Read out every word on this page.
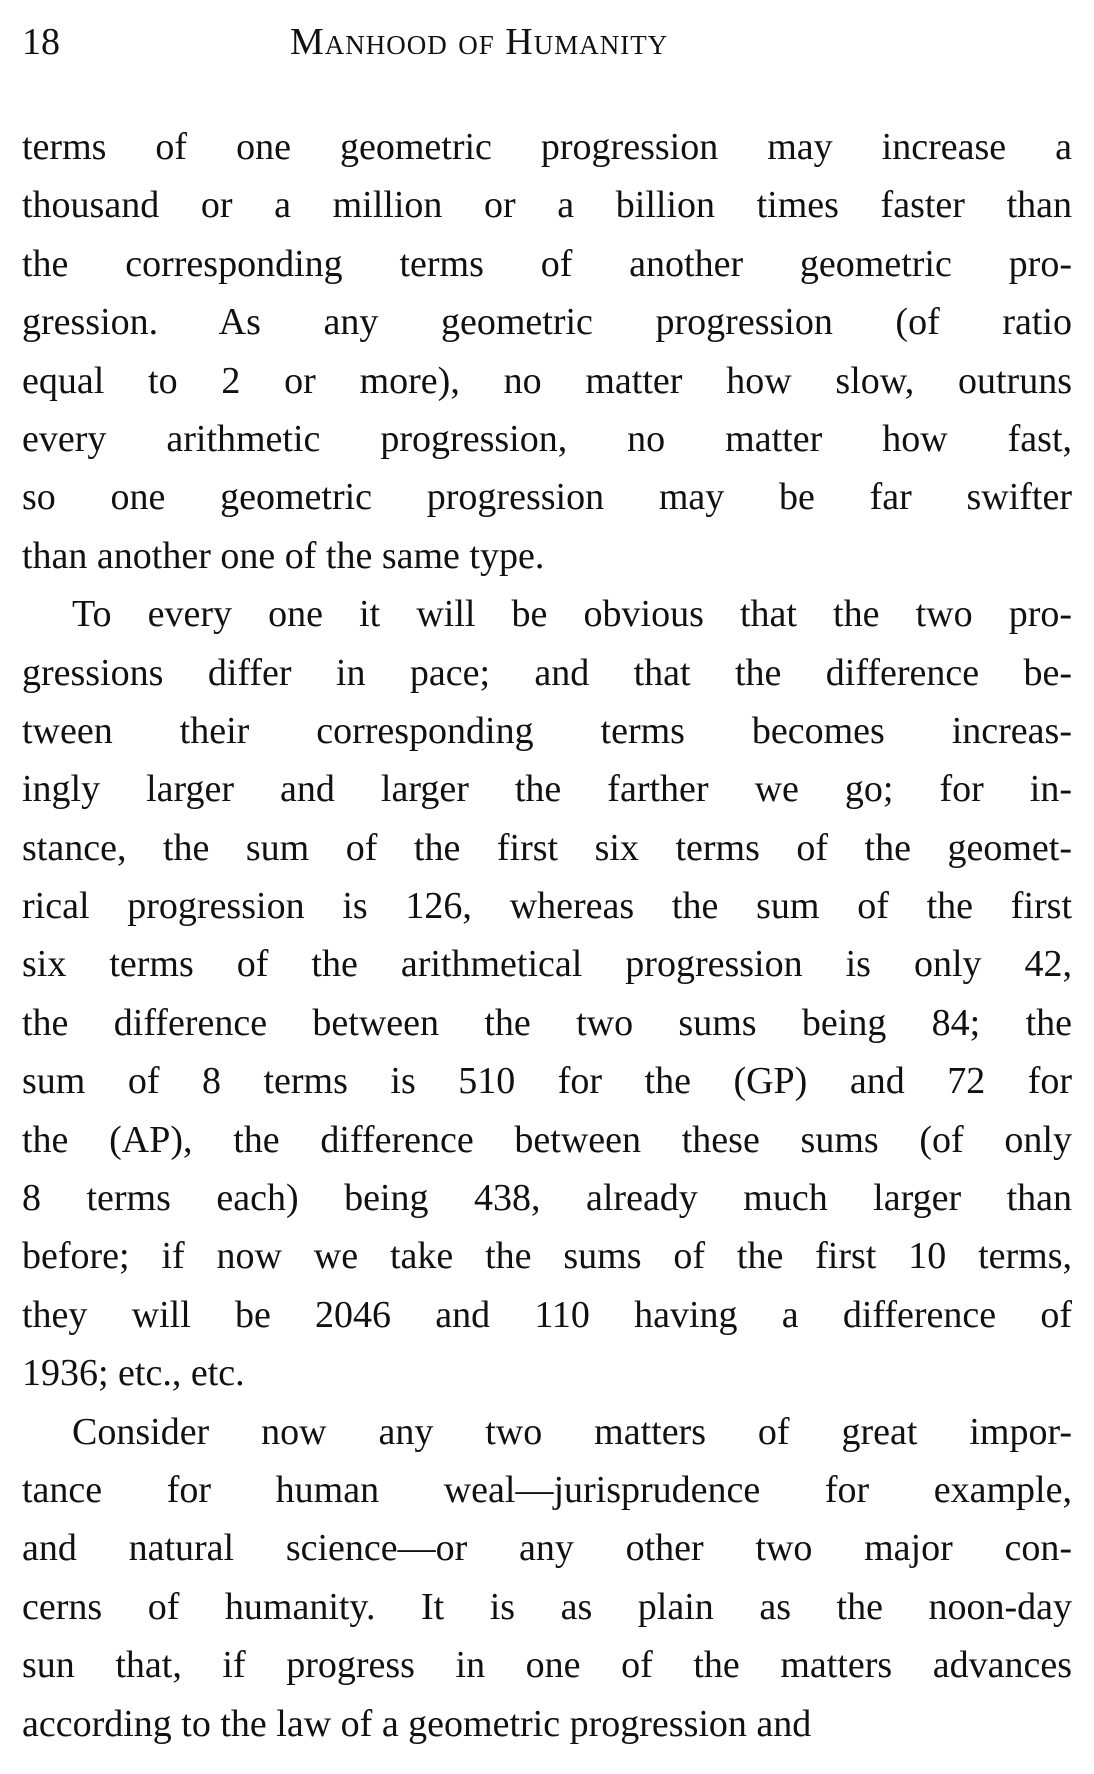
18	Manhood of Humanity
terms of one geometric progression may increase a
thousand or a million or a billion times faster than
the corresponding terms of another geometric pro-
gression. As any geometric progression (of ratio
equal to 2 or more), no matter how slow, outruns
every arithmetic progression, no matter how fast,
so one geometric progression may be far swifter
than another one of the same type.
To every one it will be obvious that the two pro-
gressions differ in pace; and that the difference be-
tween their corresponding terms becomes increas-
ingly larger and larger the farther we go; for in-
stance, the sum of the first six terms of the geomet-
rical progression is 126, whereas the sum of the first
six terms of the arithmetical progression is only 42,
the difference between the two sums being 84; the
sum of 8 terms is 510 for the (GP) and 72 for
the (AP), the difference between these sums (of only
8 terms each) being 438, already much larger than
before; if now we take the sums of the first 10 terms,
they will be 2046 and 110 having a difference of
1936; etc., etc.
Consider now any two matters of great impor-
tance for human weal—jurisprudence for example,
and natural science—or any other two major con-
cerns of humanity. It is as plain as the noon-day
sun that, if progress in one of the matters advances
according to the law of a geometric progression and
